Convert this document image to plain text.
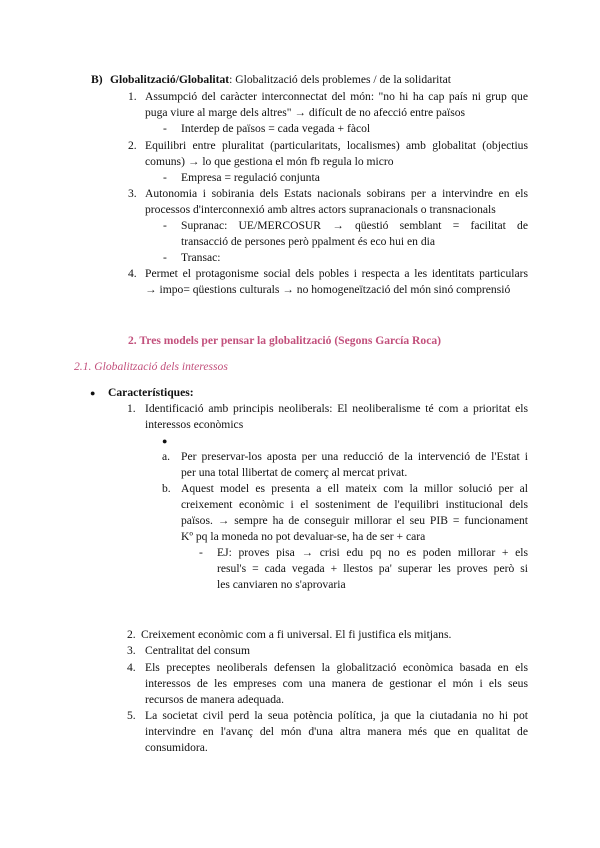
B) Globalització/Globalitat: Globalització dels problemes / de la solidaritat
1. Assumpció del caràcter interconnectat del món: "no hi ha cap país ni grup que
puga viure al marge dels altres" → difícult de no afecció entre països
- Interdep de països = cada vegada + fàcol
2. Equilibri entre pluralitat (particularitats, localismes) amb globalitat (objectius
comuns) → lo que gestiona el món fb regula lo micro
- Empresa = regulació conjunta
3. Autonomia i sobirania dels Estats nacionals sobirans per a intervindre en els
processos d'interconnexió amb altres actors supranacionals o transnacionals
- Supranac: UE/MERCOSUR → qüestió semblant = facilitat de
transacció de persones però ppalment és eco hui en dia
- Transac:
4. Permet el protagonisme social dels pobles i respecta a les identitats particulars
→ impo= qüestions culturals → no homogeneïtzació del món sinó comprensió
2. Tres models per pensar la globalització (Segons García Roca)
2.1. Globalització dels interessos
● Característiques:
1. Identificació amb principis neoliberals: El neoliberalisme té com a prioritat els
interessos econòmics
●
a. Per preservar-los aposta per una reducció de la intervenció de l'Estat i
per una total llibertat de comerç al mercat privat.
b. Aquest model es presenta a ell mateix com la millor solució per al
creixement econòmic i el sosteniment de l'equilibri institucional dels
països. → sempre ha de conseguir millorar el seu PIB = funcionament
Kº pq la moneda no pot devaluar-se, ha de ser + cara
- EJ: proves pisa → crisi edu pq no es poden millorar + els
resul's = cada vegada + llestos pa' superar les proves però si
les canviaren no s'aprovaria
2. Creixement econòmic com a fi universal. El fi justifica els mitjans.
3. Centralitat del consum
4. Els preceptes neoliberals defensen la globalització econòmica basada en els
interessos de les empreses com una manera de gestionar el món i els seus
recursos de manera adequada.
5. La societat civil perd la seua potència política, ja que la ciutadania no hi pot
intervindre en l'avanç del món d'una altra manera més que en qualitat de
consumidora.
